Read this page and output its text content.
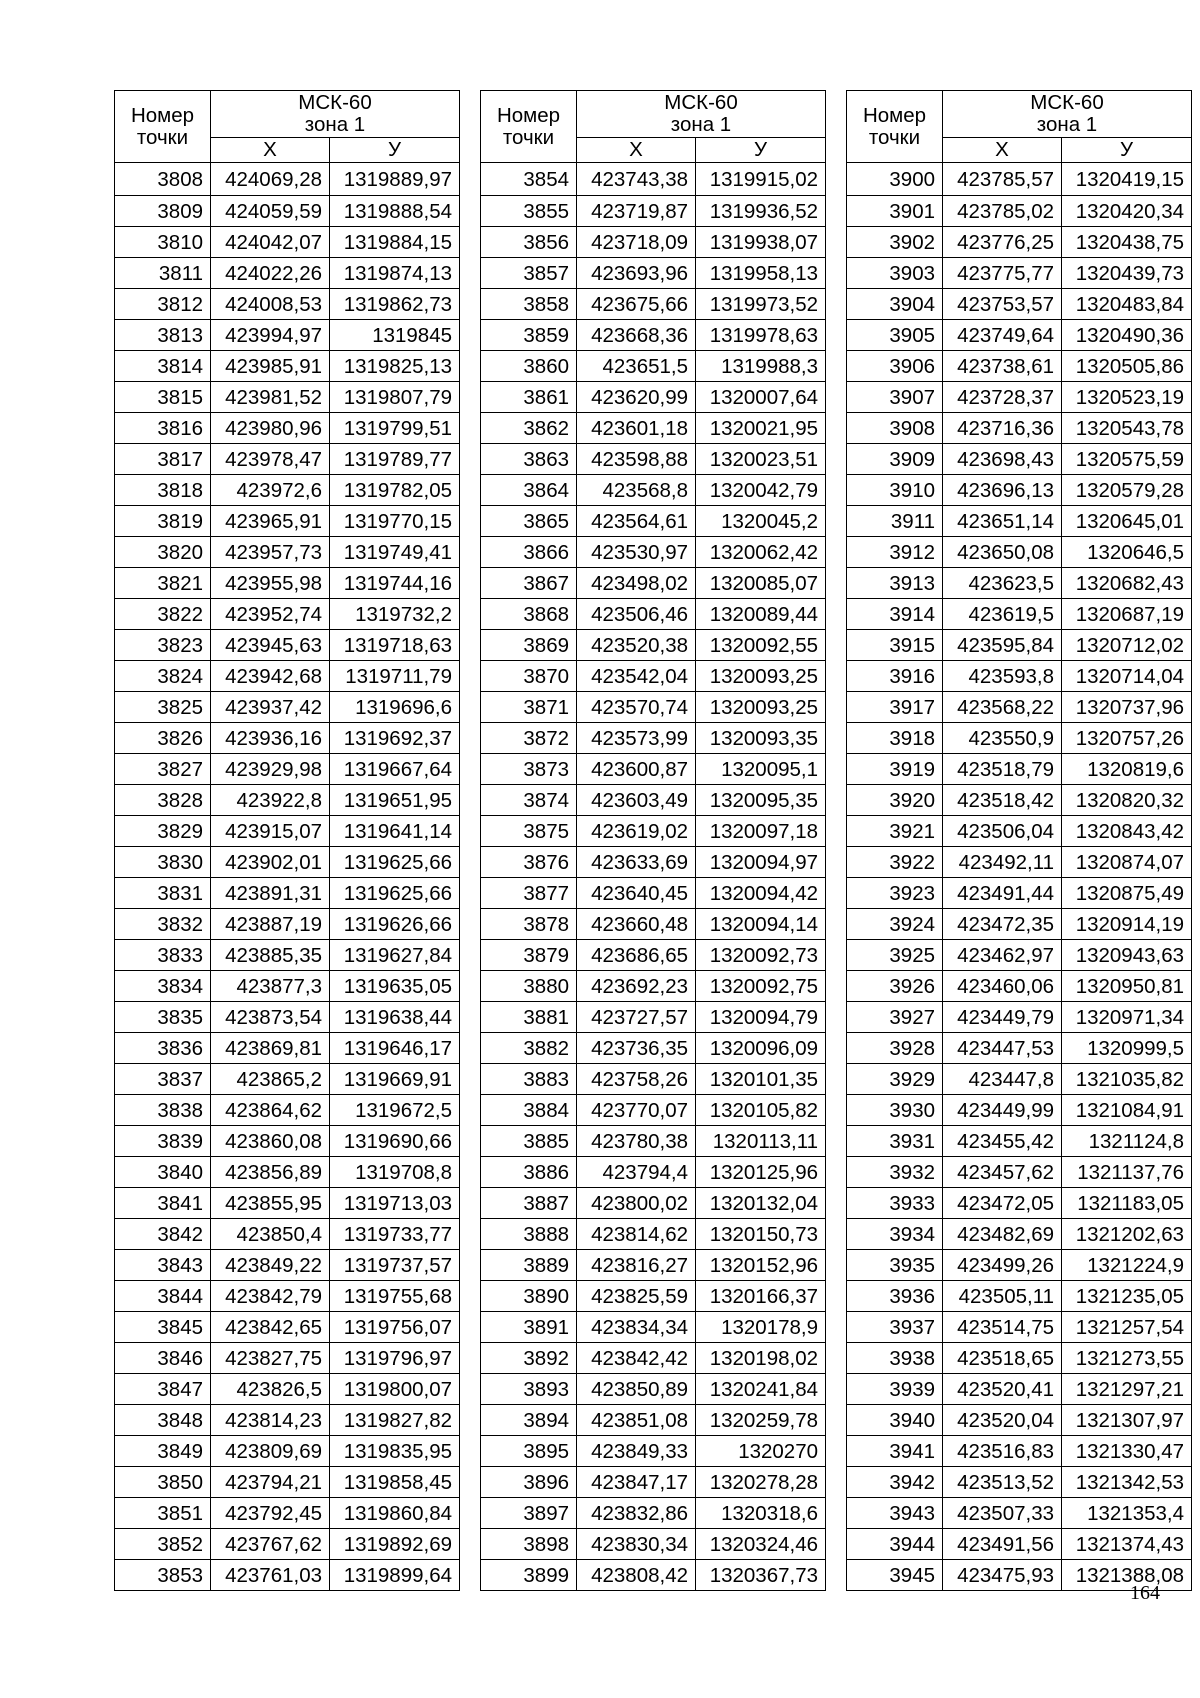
Номер
точки	МСК-60
зона 1	

	Х	У
3808	424069,28	1319889,97
3809	424059,59	1319888,54
3810	424042,07	1319884,15
3811	424022,26	1319874,13
3812	424008,53	1319862,73
3813	423994,97	1319845
3814	423985,91	1319825,13
3815	423981,52	1319807,79
3816	423980,96	1319799,51
3817	423978,47	1319789,77
3818	423972,6	1319782,05
3819	423965,91	1319770,15
3820	423957,73	1319749,41
3821	423955,98	1319744,16
3822	423952,74	1319732,2
3823	423945,63	1319718,63
3824	423942,68	1319711,79
3825	423937,42	1319696,6
3826	423936,16	1319692,37
3827	423929,98	1319667,64
3828	423922,8	1319651,95
3829	423915,07	1319641,14
3830	423902,01	1319625,66
3831	423891,31	1319625,66
3832	423887,19	1319626,66
3833	423885,35	1319627,84
3834	423877,3	1319635,05
3835	423873,54	1319638,44
3836	423869,81	1319646,17
3837	423865,2	1319669,91
3838	423864,62	1319672,5
3839	423860,08	1319690,66
3840	423856,89	1319708,8
3841	423855,95	1319713,03
3842	423850,4	1319733,77
3843	423849,22	1319737,57
3844	423842,79	1319755,68
3845	423842,65	1319756,07
3846	423827,75	1319796,97
3847	423826,5	1319800,07
3848	423814,23	1319827,82
3849	423809,69	1319835,95
3850	423794,21	1319858,45
3851	423792,45	1319860,84
3852	423767,62	1319892,69
3853	423761,03	1319899,64
Номер
точки	МСК-60
зона 1	

	Х	У
3854	423743,38	1319915,02
3855	423719,87	1319936,52
3856	423718,09	1319938,07
3857	423693,96	1319958,13
3858	423675,66	1319973,52
3859	423668,36	1319978,63
3860	423651,5	1319988,3
3861	423620,99	1320007,64
3862	423601,18	1320021,95
3863	423598,88	1320023,51
3864	423568,8	1320042,79
3865	423564,61	1320045,2
3866	423530,97	1320062,42
3867	423498,02	1320085,07
3868	423506,46	1320089,44
3869	423520,38	1320092,55
3870	423542,04	1320093,25
3871	423570,74	1320093,25
3872	423573,99	1320093,35
3873	423600,87	1320095,1
3874	423603,49	1320095,35
3875	423619,02	1320097,18
3876	423633,69	1320094,97
3877	423640,45	1320094,42
3878	423660,48	1320094,14
3879	423686,65	1320092,73
3880	423692,23	1320092,75
3881	423727,57	1320094,79
3882	423736,35	1320096,09
3883	423758,26	1320101,35
3884	423770,07	1320105,82
3885	423780,38	1320113,11
3886	423794,4	1320125,96
3887	423800,02	1320132,04
3888	423814,62	1320150,73
3889	423816,27	1320152,96
3890	423825,59	1320166,37
3891	423834,34	1320178,9
3892	423842,42	1320198,02
3893	423850,89	1320241,84
3894	423851,08	1320259,78
3895	423849,33	1320270
3896	423847,17	1320278,28
3897	423832,86	1320318,6
3898	423830,34	1320324,46
3899	423808,42	1320367,73
Номер
точки	МСК-60
зона 1	

	Х	У
3900	423785,57	1320419,15
3901	423785,02	1320420,34
3902	423776,25	1320438,75
3903	423775,77	1320439,73
3904	423753,57	1320483,84
3905	423749,64	1320490,36
3906	423738,61	1320505,86
3907	423728,37	1320523,19
3908	423716,36	1320543,78
3909	423698,43	1320575,59
3910	423696,13	1320579,28
3911	423651,14	1320645,01
3912	423650,08	1320646,5
3913	423623,5	1320682,43
3914	423619,5	1320687,19
3915	423595,84	1320712,02
3916	423593,8	1320714,04
3917	423568,22	1320737,96
3918	423550,9	1320757,26
3919	423518,79	1320819,6
3920	423518,42	1320820,32
3921	423506,04	1320843,42
3922	423492,11	1320874,07
3923	423491,44	1320875,49
3924	423472,35	1320914,19
3925	423462,97	1320943,63
3926	423460,06	1320950,81
3927	423449,79	1320971,34
3928	423447,53	1320999,5
3929	423447,8	1321035,82
3930	423449,99	1321084,91
3931	423455,42	1321124,8
3932	423457,62	1321137,76
3933	423472,05	1321183,05
3934	423482,69	1321202,63
3935	423499,26	1321224,9
3936	423505,11	1321235,05
3937	423514,75	1321257,54
3938	423518,65	1321273,55
3939	423520,41	1321297,21
3940	423520,04	1321307,97
3941	423516,83	1321330,47
3942	423513,52	1321342,53
3943	423507,33	1321353,4
3944	423491,56	1321374,43
3945	423475,93	1321388,08
164
